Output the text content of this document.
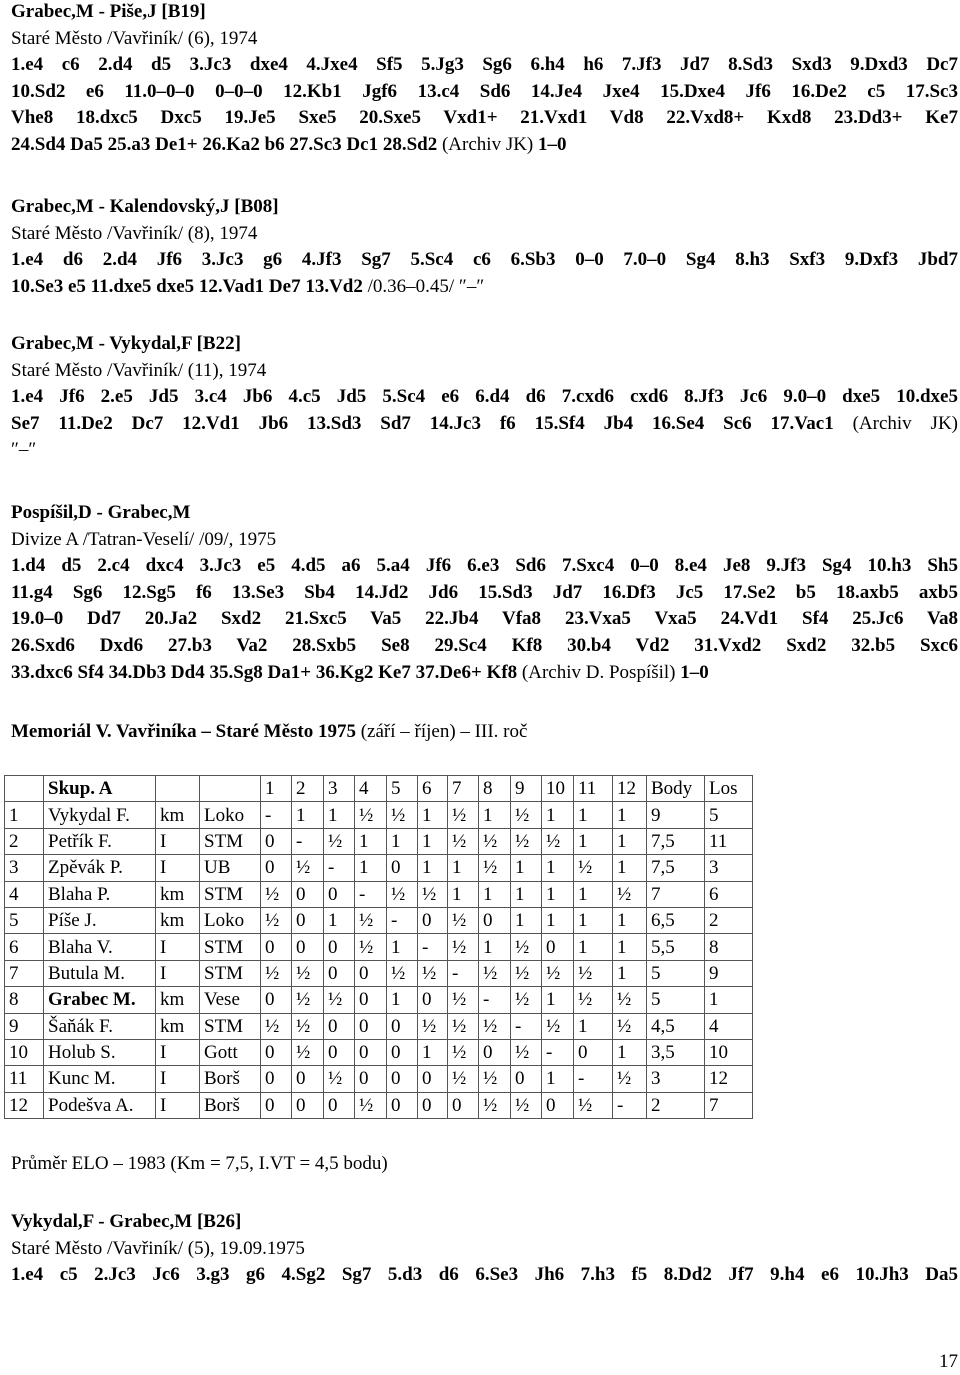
Grabec,M - Piše,J [B19]
Staré Město /Vavřiník/ (6), 1974
1.e4 c6 2.d4 d5 3.Jc3 dxe4 4.Jxe4 Sf5 5.Jg3 Sg6 6.h4 h6 7.Jf3 Jd7 8.Sd3 Sxd3 9.Dxd3 Dc7
10.Sd2 e6 11.0–0–0 0–0–0 12.Kb1 Jgf6 13.c4 Sd6 14.Je4 Jxe4 15.Dxe4 Jf6 16.De2 c5 17.Sc3
Vhe8 18.dxc5 Dxc5 19.Je5 Sxe5 20.Sxe5 Vxd1+ 21.Vxd1 Vd8 22.Vxd8+ Kxd8 23.Dd3+ Ke7
24.Sd4 Da5 25.a3 De1+ 26.Ka2 b6 27.Sc3 Dc1 28.Sd2 (Archiv JK) 1–0
Grabec,M - Kalendovský,J [B08]
Staré Město /Vavřiník/ (8), 1974
1.e4 d6 2.d4 Jf6 3.Jc3 g6 4.Jf3 Sg7 5.Sc4 c6 6.Sb3 0–0 7.0–0 Sg4 8.h3 Sxf3 9.Dxf3 Jbd7
10.Se3 e5 11.dxe5 dxe5 12.Vad1 De7 13.Vd2 /0.36–0.45/ ″–″
Grabec,M - Vykydal,F [B22]
Staré Město /Vavřiník/ (11), 1974
1.e4 Jf6 2.e5 Jd5 3.c4 Jb6 4.c5 Jd5 5.Sc4 e6 6.d4 d6 7.cxd6 cxd6 8.Jf3 Jc6 9.0–0 dxe5 10.dxe5
Se7 11.De2 Dc7 12.Vd1 Jb6 13.Sd3 Sd7 14.Jc3 f6 15.Sf4 Jb4 16.Se4 Sc6 17.Vac1 (Archiv JK)
″–″
Pospíšil,D - Grabec,M
Divize A /Tatran-Veselí/ /09/, 1975
1.d4 d5 2.c4 dxc4 3.Jc3 e5 4.d5 a6 5.a4 Jf6 6.e3 Sd6 7.Sxc4 0–0 8.e4 Je8 9.Jf3 Sg4 10.h3 Sh5
11.g4 Sg6 12.Sg5 f6 13.Se3 Sb4 14.Jd2 Jd6 15.Sd3 Jd7 16.Df3 Jc5 17.Se2 b5 18.axb5 axb5
19.0–0 Dd7 20.Ja2 Sxd2 21.Sxc5 Va5 22.Jb4 Vfa8 23.Vxa5 Vxa5 24.Vd1 Sf4 25.Jc6 Va8
26.Sxd6 Dxd6 27.b3 Va2 28.Sxb5 Se8 29.Sc4 Kf8 30.b4 Vd2 31.Vxd2 Sxd2 32.b5 Sxc6
33.dxc6 Sf4 34.Db3 Dd4 35.Sg8 Da1+ 36.Kg2 Ke7 37.De6+ Kf8 (Archiv D. Pospíšil) 1–0
Memoriál V. Vavřiníka – Staré Město 1975 (září – říjen) – III. roč
	Skup. A			1	2	3	4	5	6	7	8	9	10	11	12	Body	Los
1	Vykydal F.	km	Loko	-	1	1	½	½	1	½	1	½	1	1	1	9	5
2	Petřík F.	I	STM	0	-	½	1	1	1	½	½	½	½	1	1	7,5	11
3	Zpěvák P.	I	UB	0	½	-	1	0	1	1	½	1	1	½	1	7,5	3
4	Blaha P.	km	STM	½	0	0	-	½	½	1	1	1	1	1	½	7	6
5	Píše J.	km	Loko	½	0	1	½	-	0	½	0	1	1	1	1	6,5	2
6	Blaha V.	I	STM	0	0	0	½	1	-	½	1	½	0	1	1	5,5	8
7	Butula M.	I	STM	½	½	0	0	½	½	-	½	½	½	½	1	5	9
8	Grabec M.	km	Vese	0	½	½	0	1	0	½	-	½	1	½	½	5	1
9	Šaňák F.	km	STM	½	½	0	0	0	½	½	½	-	½	1	½	4,5	4
10	Holub S.	I	Gott	0	½	0	0	0	1	½	0	½	-	0	1	3,5	10
11	Kunc M.	I	Borš	0	0	½	0	0	0	½	½	0	1	-	½	3	12
12	Podešva A.	I	Borš	0	0	0	½	0	0	0	½	½	0	½	-	2	7
Průměr ELO – 1983 (Km = 7,5, I.VT = 4,5 bodu)
Vykydal,F - Grabec,M [B26]
Staré Město /Vavřiník/ (5), 19.09.1975
1.e4 c5 2.Jc3 Jc6 3.g3 g6 4.Sg2 Sg7 5.d3 d6 6.Se3 Jh6 7.h3 f5 8.Dd2 Jf7 9.h4 e6 10.Jh3 Da5
17
